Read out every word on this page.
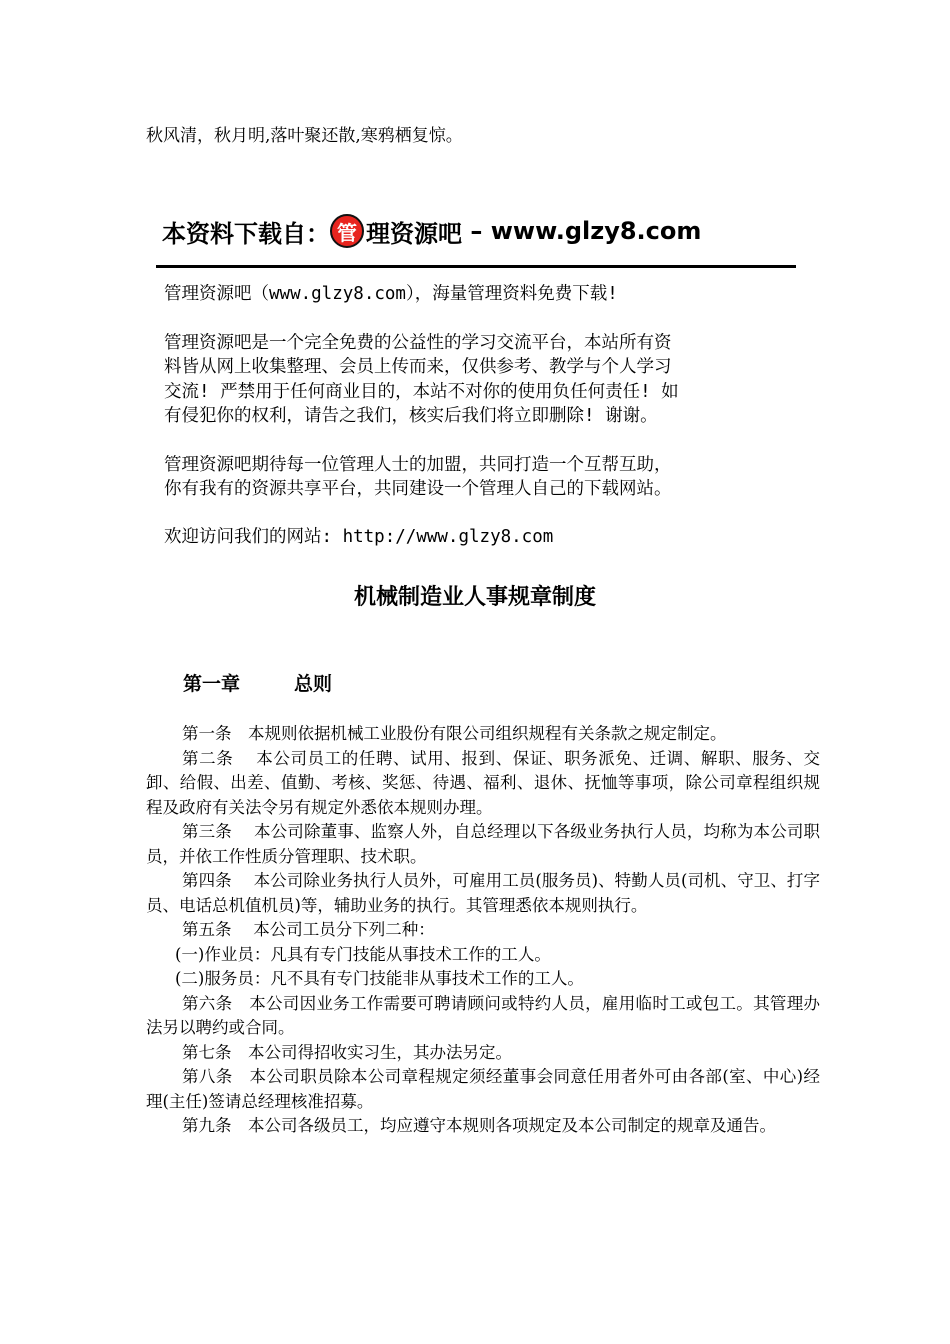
秋风清，秋月明,落叶聚还散,寒鸦栖复惊。
本资料下载自： 管 理资源吧 – www.glzy8.com

管理资源吧（www.glzy8.com），海量管理资料免费下载!

管理资源吧是一个完全免费的公益性的学习交流平台，本站所有资
料皆从网上收集整理、会员上传而来，仅供参考、教学与个人学习
交流! 严禁用于任何商业目的，本站不对你的使用负任何责任! 如
有侵犯你的权利，请告之我们，核实后我们将立即删除! 谢谢。

管理资源吧期待每一位管理人士的加盟，共同打造一个互帮互助，
你有我有的资源共享平台，共同建设一个管理人自己的下载网站。

欢迎访问我们的网站: http://www.glzy8.com

机械制造业人事规章制度
第一章	总则

第一条　本规则依据机械工业股份有限公司组织规程有关条款之规定制定。

第二条　 本公司员工的任聘、试用、报到、保证、职务派免、迁调、解职、服务、交卸、给假、出差、值勤、考核、奖惩、待遇、福利、退休、抚恤等事项，除公司章程组织规程及政府有关法令另有规定外悉依本规则办理。

第三条　 本公司除董事、监察人外，自总经理以下各级业务执行人员，均称为本公司职员，并依工作性质分管理职、技术职。

第四条　 本公司除业务执行人员外，可雇用工员(服务员)、特勤人员(司机、守卫、打字员、电话总机值机员)等，辅助业务的执行。其管理悉依本规则执行。

第五条　 本公司工员分下列二种：

(一)作业员：凡具有专门技能从事技术工作的工人。

(二)服务员：凡不具有专门技能非从事技术工作的工人。

第六条　本公司因业务工作需要可聘请顾问或特约人员，雇用临时工或包工。其管理办法另以聘约或合同。

第七条　本公司得招收实习生，其办法另定。

第八条　本公司职员除本公司章程规定须经董事会同意任用者外可由各部(室、中心)经理(主任)签请总经理核准招募。

第九条　本公司各级员工，均应遵守本规则各项规定及本公司制定的规章及通告。
